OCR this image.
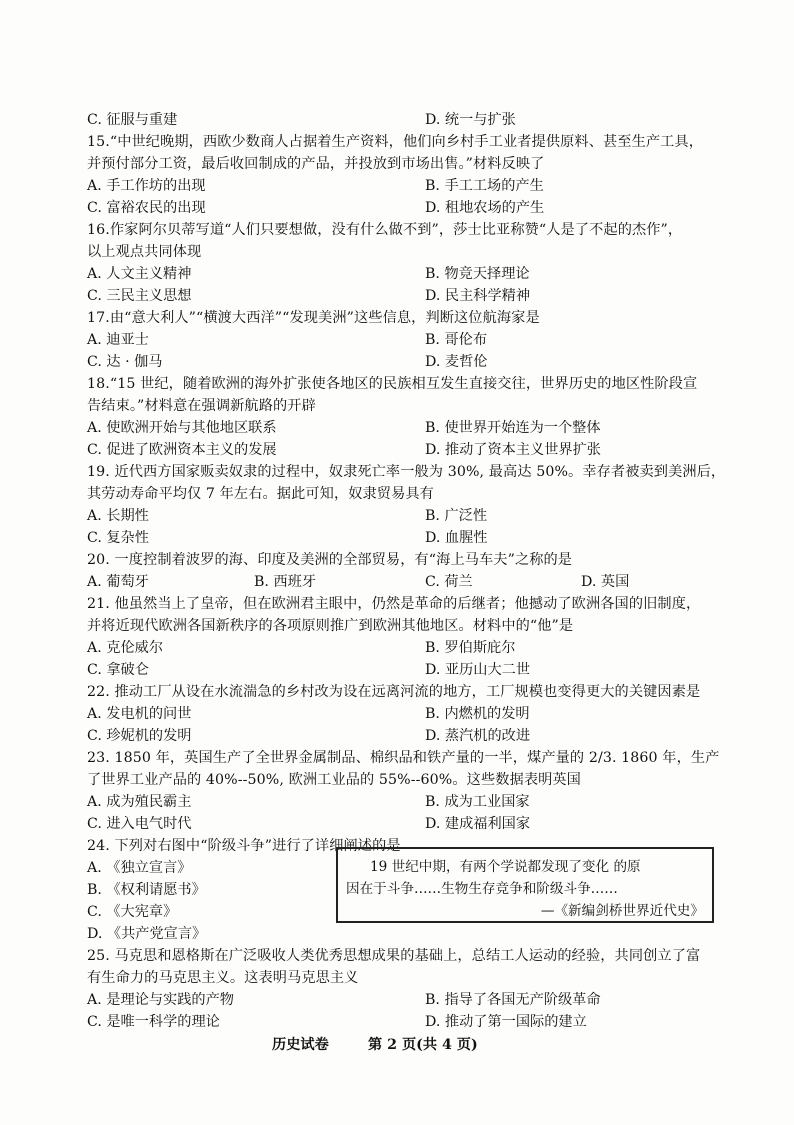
C. 征服与重建	D. 统一与扩张
15.“中世纪晚期，西欧少数商人占据着生产资料，他们向乡村手工业者提供原料、甚至生产工具，
并预付部分工资，最后收回制成的产品，并投放到市场出售。”材料反映了
A. 手工作坊的出现	B. 手工工场的产生
C. 富裕农民的出现	D. 租地农场的产生
16.作家阿尔贝蒂写道“人们只要想做，没有什么做不到”，莎士比亚称赞“人是了不起的杰作”，
以上观点共同体现
A. 人文主义精神	B. 物竞天择理论
C. 三民主义思想	D. 民主科学精神
17.由“意大利人”“横渡大西洋”“发现美洲”这些信息，判断这位航海家是
A. 迪亚士	B. 哥伦布
C. 达 · 伽马	D. 麦哲伦
18.“15 世纪，随着欧洲的海外扩张使各地区的民族相互发生直接交往，世界历史的地区性阶段宣
告结束。”材料意在强调新航路的开辟
A. 使欧洲开始与其他地区联系	B. 使世界开始连为一个整体
C. 促进了欧洲资本主义的发展	D. 推动了资本主义世界扩张
19. 近代西方国家贩卖奴隶的过程中，奴隶死亡率一般为 30%, 最高达 50%。幸存者被卖到美洲后，
其劳动寿命平均仅 7 年左右。据此可知，奴隶贸易具有
A. 长期性	B. 广泛性
C. 复杂性	D. 血腥性
20. 一度控制着波罗的海、印度及美洲的全部贸易，有“海上马车夫”之称的是
A. 葡萄牙	B. 西班牙	C. 荷兰	D. 英国
21. 他虽然当上了皇帝，但在欧洲君主眼中，仍然是革命的后继者；他撼动了欧洲各国的旧制度，
并将近现代欧洲各国新秩序的各项原则推广到欧洲其他地区。材料中的“他”是
A. 克伦威尔	B. 罗伯斯庇尔
C. 拿破仑	D. 亚历山大二世
22. 推动工厂从设在水流湍急的乡村改为设在远离河流的地方，工厂规模也变得更大的关键因素是
A. 发电机的问世	B. 内燃机的发明
C. 珍妮机的发明	D. 蒸汽机的改进
23. 1850 年，英国生产了全世界金属制品、棉织品和铁产量的一半，煤产量的 2/3. 1860 年，生产
了世界工业产品的 40%--50%, 欧洲工业品的 55%--60%。这些数据表明英国
A. 成为殖民霸主	B. 成为工业国家
C. 进入电气时代	D. 建成福利国家
24. 下列对右图中“阶级斗争”进行了详细阐述的是
A. 《独立宣言》
B. 《权利请愿书》
C. 《大宪章》
D. 《共产党宣言》
19 世纪中期，有两个学说都发现了变化 的原
因在于斗争……生物生存竞争和阶级斗争……
—《新编剑桥世界近代史》
25. 马克思和恩格斯在广泛吸收人类优秀思想成果的基础上，总结工人运动的经验，共同创立了富
有生命力的马克思主义。这表明马克思主义
A. 是理论与实践的产物	B. 指导了各国无产阶级革命
C. 是唯一科学的理论	D. 推动了第一国际的建立
历史试卷	第 2 页(共 4 页)
